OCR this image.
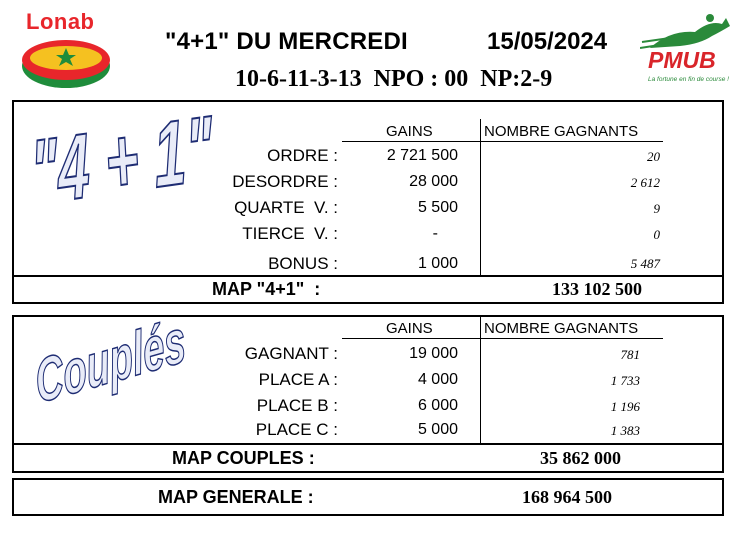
Lonab
PMUB
La fortune en fin de course !
"4+1" DU MERCREDI	15/05/2024
10-6-11-3-13  NPO : 00  NP:2-9
"4 + 1"	GAINS	NOMBRE GAGNANTS
ORDRE :	2 721 500	20
DESORDRE :	28 000	2 612
QUARTE  V. :	5 500	9
TIERCE  V. :	-	0
BONUS :	1 000	5 487
MAP "4+1"  :	133 102 500
Couplés	GAINS	NOMBRE GAGNANTS
GAGNANT :	19 000	781
PLACE A :	4 000	1 733
PLACE B :	6 000	1 196
PLACE C :	5 000	1 383
MAP COUPLES :	35 862 000
MAP GENERALE :	168 964 500
